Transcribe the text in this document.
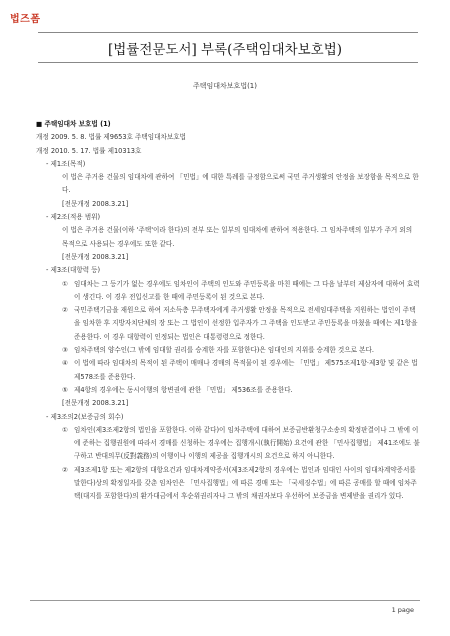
법즈폼
[법률전문도서] 부록(주택임대차보호법)
주택임대차보호법(1)
■ 주택임대차 보호법 (1)
개정 2009. 5. 8. 법률 제9653호 주택임대차보호법
개정 2010. 5. 17. 법률 제10313호
- 제1조(목적)
이 법은 주거용 건물의 임대차에 관하여 「민법」에 대한 특례를 규정함으로써 국민 주거생활의 안정을 보장함을 목적으로 한다.
[전문개정 2008.3.21]
- 제2조(적용 범위)
이 법은 주거용 건물(이하 '주택'이라 한다)의 전부 또는 일부의 임대차에 관하여 적용한다. 그 임차주택의 일부가 주거 외의 목적으로 사용되는 경우에도 또한 같다.
[전문개정 2008.3.21]
- 제3조(대항력 등)
① 임대차는 그 등기가 없는 경우에도 임차인이 주택의 인도와 주민등록을 마친 때에는 그 다음 날부터 제삼자에 대하여 효력이 생긴다. 이 경우 전입신고를 한 때에 주민등록이 된 것으로 본다.
② 국민주택기금을 재원으로 하여 저소득층 무주택자에게 주거생활 안정을 목적으로 전세임대주택을 지원하는 법인이 주택을 임차한 후 지방자치단체의 장 또는 그 법인이 선정한 입주자가 그 주택을 인도받고 주민등록을 마쳤을 때에는 제1항을 준용한다. 이 경우 대항력이 인정되는 법인은 대통령령으로 정한다.
③ 임차주택의 양수인(그 밖에 임대할 권리를 승계한 자를 포함한다)은 임대인의 지위를 승계한 것으로 본다.
④ 이 법에 따라 임대차의 목적이 된 주택이 매매나 경매의 목적물이 된 경우에는 「민법」 제575조제1항·제3항 및 같은 법 제578조를 준용한다.
⑤ 제4항의 경우에는 동시이행의 항변권에 관한 「민법」 제536조를 준용한다.
[전문개정 2008.3.21]
- 제3조의2(보증금의 회수)
① 임차인(제3조제2항의 법인을 포함한다. 이하 같다)이 임차주택에 대하여 보증금반환청구소송의 확정판결이나 그 밖에 이에 준하는 집행권원에 따라서 경매를 신청하는 경우에는 집행개시(執行開始) 요건에 관한 「민사집행법」 제41조에도 불구하고 반대의무(反對義務)의 이행이나 이행의 제공을 집행개시의 요건으로 하지 아니한다.
② 제3조제1항 또는 제2항의 대항요건과 임대차계약증서(제3조제2항의 경우에는 법인과 임대인 사이의 임대차계약증서를 말한다)상의 확정일자를 갖춘 임차인은 「민사집행법」에 따른 경매 또는 「국세징수법」에 따른 공매를 할 때에 임차주택(대지를 포함한다)의 환가대금에서 후순위권리자나 그 밖의 채권자보다 우선하여 보증금을 변제받을 권리가 있다.
1 page
